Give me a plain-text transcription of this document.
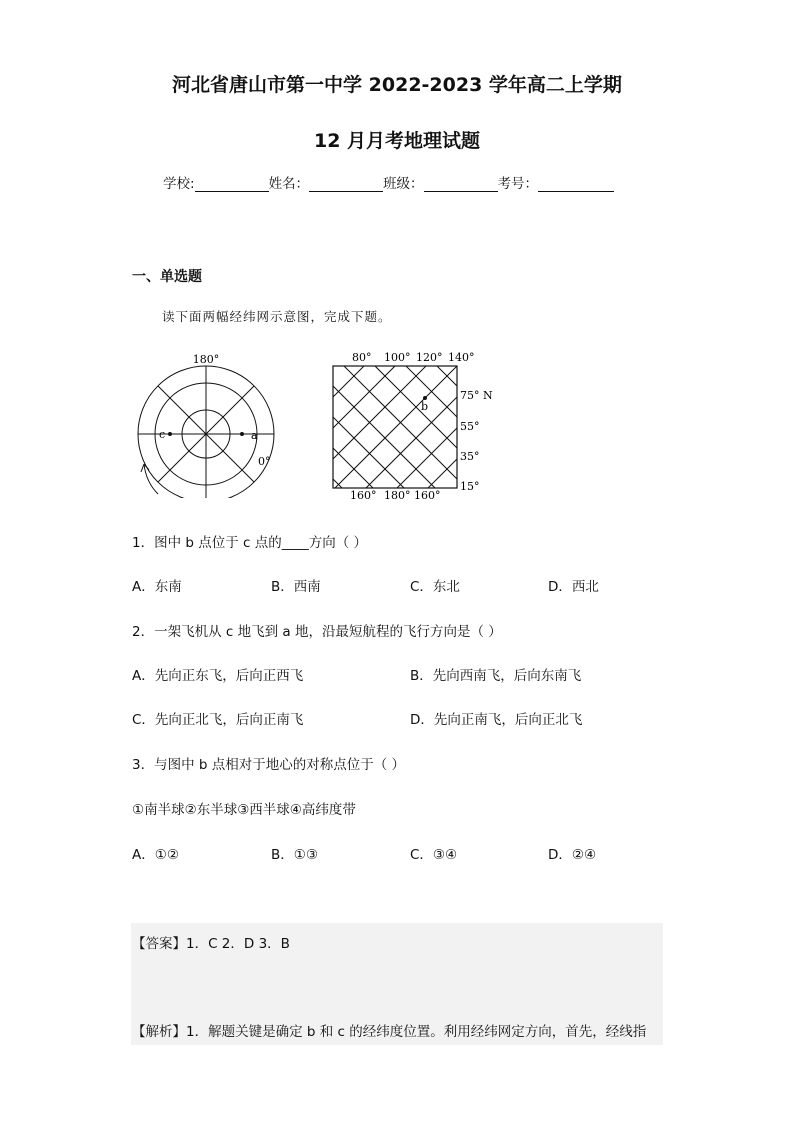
河北省唐山市第一中学 2022-2023 学年高二上学期
12 月月考地理试题
学校:	姓名：	班级：	考号：
一、单选题
读下面两幅经纬网示意图，完成下题。
180°
c	a
0°
80° 100° 120° 140°
b
75° N
55°
35°
15°
160° 180° 160°
1．图中 b 点位于 c 点的____方向（ ）
A．东南	B．西南	C．东北	D．西北
2．一架飞机从 c 地飞到 a 地，沿最短航程的飞行方向是（ ）
A．先向正东飞，后向正西飞	B．先向西南飞，后向东南飞
C．先向正北飞，后向正南飞	D．先向正南飞，后向正北飞
3．与图中 b 点相对于地心的对称点位于（ ）
①南半球②东半球③西半球④高纬度带
A．①②	B．①③	C．③④	D．②④
【答案】1．C 2．D 3．B
【解析】1．解题关键是确定 b 和 c 的经纬度位置。利用经纬网定方向，首先，经线指
